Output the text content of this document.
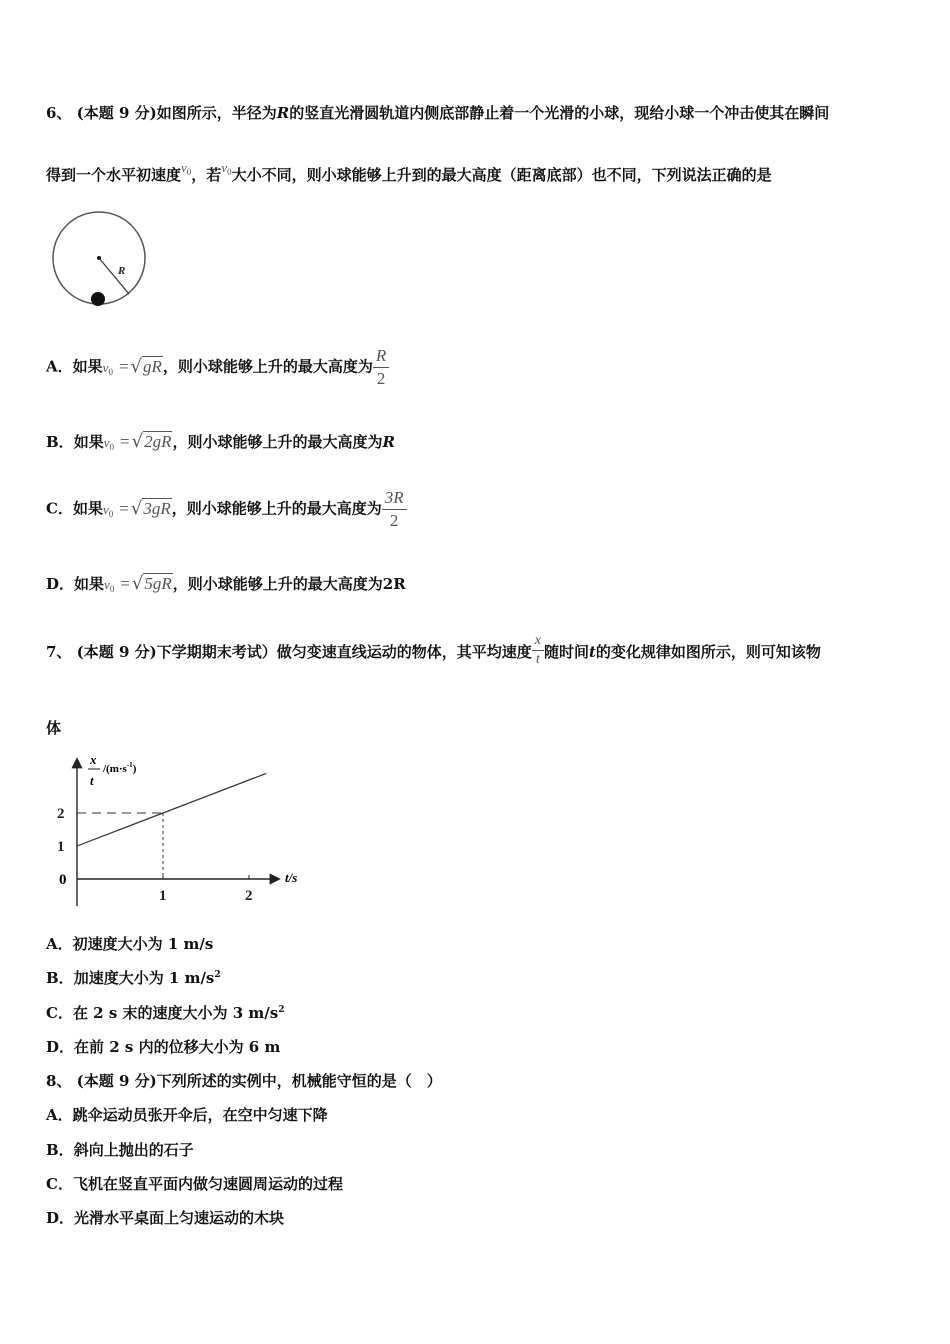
6、 (本题 9 分)如图所示，半径为R的竖直光滑圆轨道内侧底部静止着一个光滑的小球，现给小球一个冲击使其在瞬间
得到一个水平初速度$v_0$，若$v_0$大小不同，则小球能够上升到的最大高度（距离底部）也不同，下列说法正确的是
R
A．如果$v_0 = √gR$，则小球能够上升的最大高度为 $\frac{R}{2}$
B．如果$v_0 = √2gR$，则小球能够上升的最大高度为R
C．如果$v_0 = √3gR$，则小球能够上升的最大高度为 $\frac{3R}{2}$
D．如果$v_0 = √5gR$，则小球能够上升的最大高度为2R
7、 (本题 9 分)下学期期末考试）做匀变速直线运动的物体，其平均速度 $\frac{x}{t}$ 随时间t的变化规律如图所示，则可知该物
体
x
t
$/(m\cdot s^{-1})$
t/s
0
1	2
1
2
A．初速度大小为 1 m/s
B．加速度大小为 1 $m/s^2$
C．在 2 s 末的速度大小为 3 $m/s^2$
D．在前 2 s 内的位移大小为 6 m
8、 (本题 9 分)下列所述的实例中，机械能守恒的是（　）
A．跳伞运动员张开伞后，在空中匀速下降
B．斜向上抛出的石子
C．飞机在竖直平面内做匀速圆周运动的过程
D．光滑水平桌面上匀速运动的木块
